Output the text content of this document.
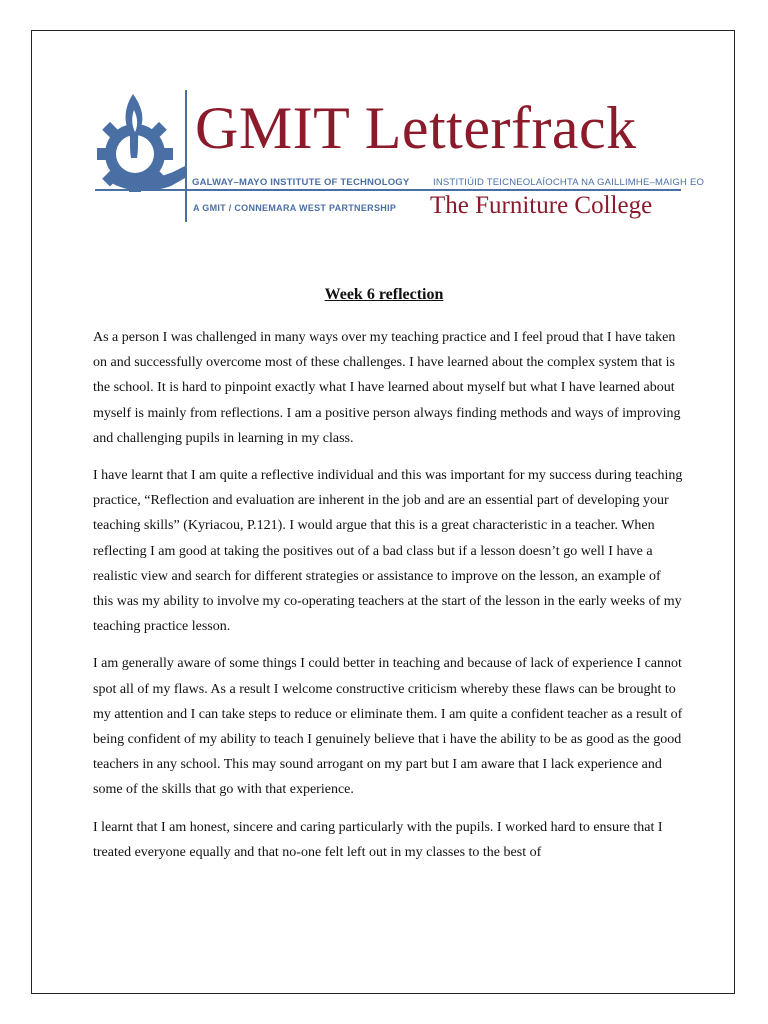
GMIT Letterfrack
GALWAY–MAYO INSTITUTE OF TECHNOLOGY INSTITIÚID TEICNEOLAÍOCHTA NA GAILLIMHE–MAIGH EO
A GMIT / CONNEMARA WEST PARTNERSHIP The Furniture College
Week 6 reflection

As a person I was challenged in many ways over my teaching practice and I feel proud that I have taken on and successfully overcome most of these challenges. I have learned about the complex system that is the school. It is hard to pinpoint exactly what I have learned about myself but what I have learned about myself is mainly from reflections. I am a positive person always finding methods and ways of improving and challenging pupils in learning in my class.

I have learnt that I am quite a reflective individual and this was important for my success during teaching practice, “Reflection and evaluation are inherent in the job and are an essential part of developing your teaching skills” (Kyriacou, P.121). I would argue that this is a great characteristic in a teacher. When reflecting I am good at taking the positives out of a bad class but if a lesson doesn’t go well I have a realistic view and search for different strategies or assistance to improve on the lesson, an example of this was my ability to involve my co-operating teachers at the start of the lesson in the early weeks of my teaching practice lesson.

I am generally aware of some things I could better in teaching and because of lack of experience I cannot spot all of my flaws. As a result I welcome constructive criticism whereby these flaws can be brought to my attention and I can take steps to reduce or eliminate them. I am quite a confident teacher as a result of being confident of my ability to teach I genuinely believe that i have the ability to be as good as the good teachers in any school. This may sound arrogant on my part but I am aware that I lack experience and some of the skills that go with that experience.

I learnt that I am honest, sincere and caring particularly with the pupils. I worked hard to ensure that I treated everyone equally and that no-one felt left out in my classes to the best of
